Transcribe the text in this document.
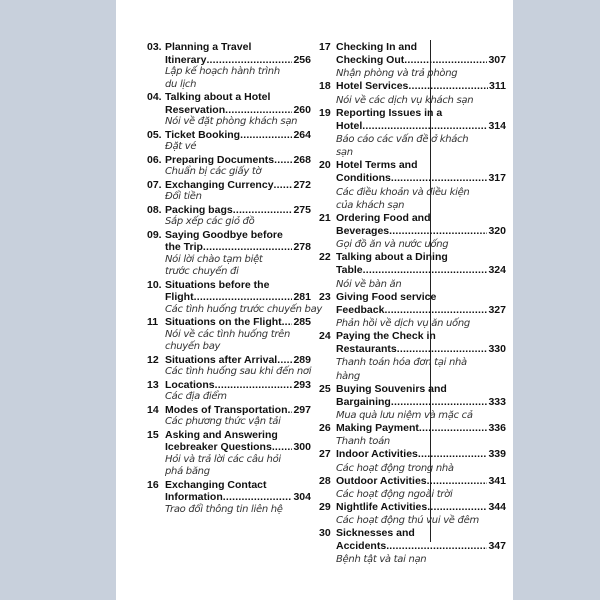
03. Planning a Travel
Itinerary .....	256
Lập kế hoạch hành trình
du lịch
04. Talking about a Hotel
Reservation .....	260
Nói về đặt phòng khách sạn
05. Ticket Booking .....	264
Đặt vé
06. Preparing Documents ..... 268
Chuẩn bị các giấy tờ
07. Exchanging Currency ..... 272
Đổi tiền
08. Packing bags .....	275
Sắp xếp các giỏ đồ
09. Saying Goodbye before
the Trip .....	278
Nói lời chào tạm biệt
trước chuyến đi
10. Situations before the
Flight .....	281
Các tình huống trước chuyến bay
11 Situations on the Flight. ..... 285
Nói về các tình huống trên
chuyến bay
12 Situations after Arrival ..... 289
Các tình huống sau khi đến nơi
13 Locations .....	293
Các địa điểm
14 Modes of Transportation ..... 297
Các phương thức vận tải
15 Asking and Answering
Icebreaker Questions ..... 300
Hỏi và trả lời các câu hỏi
phá băng
16 Exchanging Contact
Information .....	304
Trao đổi thông tin liên hệ
17 Checking In and
Checking Out .....	307
Nhận phòng và trả phòng
18 Hotel Services .....	311
Nói về các dịch vụ khách sạn
19 Reporting Issues in a
Hotel .....	314
Báo cáo các vấn đề ở khách
sạn
20 Hotel Terms and
Conditions .....	317
Các điều khoản và điều kiện
của khách sạn
21 Ordering Food and
Beverages .....	320
Gọi đồ ăn và nước uống
22 Talking about a Dining
Table .....	324
Nói về bàn ăn
23 Giving Food service
Feedback .....	327
Phản hồi về dịch vụ ăn uống
24 Paying the Check in
Restaurants .....	330
Thanh toán hóa đơn tại nhà
hàng
25 Buying Souvenirs and
Bargaining .....	333
Mua quà lưu niệm và mặc cả
26 Making Payment .....	336
Thanh toán
27 Indoor Activities .....	339
Các hoạt động trong nhà
28 Outdoor Activities .....	341
Các hoạt động ngoài trời
29 Nightlife Activities .....	344
Các hoạt động thú vui về đêm
30 Sicknesses and
Accidents .....	347
Bệnh tật và tai nạn
